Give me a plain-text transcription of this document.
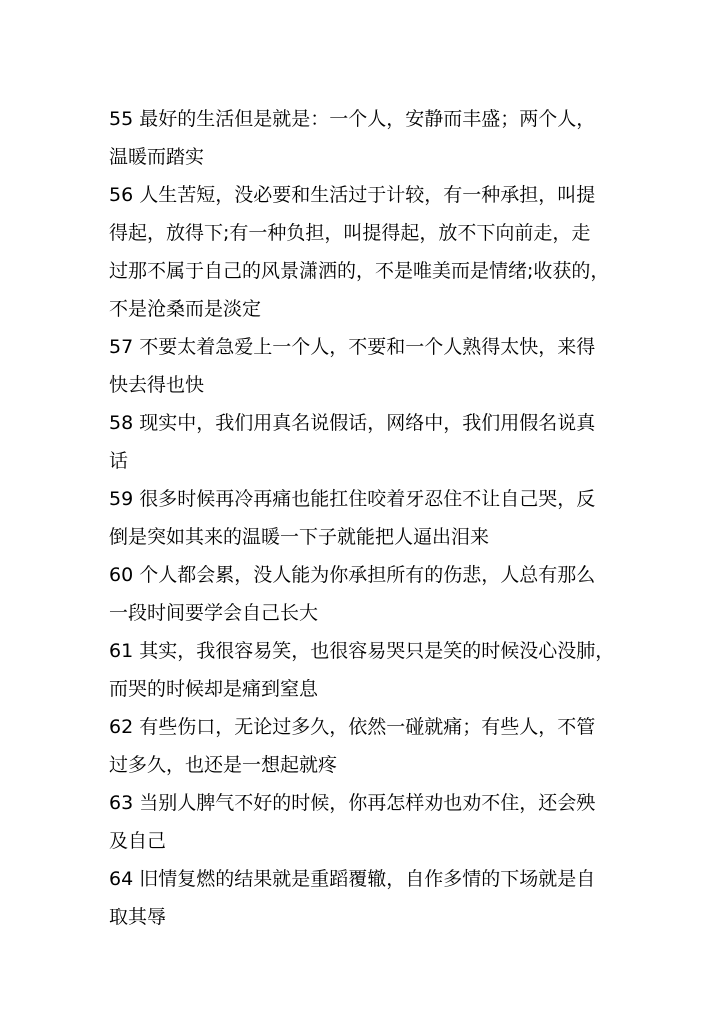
55 最好的生活但是就是：一个人，安静而丰盛；两个人，
温暖而踏实
56 人生苦短，没必要和生活过于计较，有一种承担，叫提
得起，放得下;有一种负担，叫提得起，放不下向前走，走
过那不属于自己的风景潇洒的，不是唯美而是情绪;收获的，
不是沧桑而是淡定
57 不要太着急爱上一个人，不要和一个人熟得太快，来得
快去得也快
58 现实中，我们用真名说假话，网络中，我们用假名说真
话
59 很多时候再冷再痛也能扛住咬着牙忍住不让自己哭，反
倒是突如其来的温暖一下子就能把人逼出泪来
60 个人都会累，没人能为你承担所有的伤悲，人总有那么
一段时间要学会自己长大
61 其实，我很容易笑，也很容易哭只是笑的时候没心没肺，
而哭的时候却是痛到窒息
62 有些伤口，无论过多久，依然一碰就痛；有些人，不管
过多久，也还是一想起就疼
63 当别人脾气不好的时候，你再怎样劝也劝不住，还会殃
及自己
64 旧情复燃的结果就是重蹈覆辙，自作多情的下场就是自
取其辱
